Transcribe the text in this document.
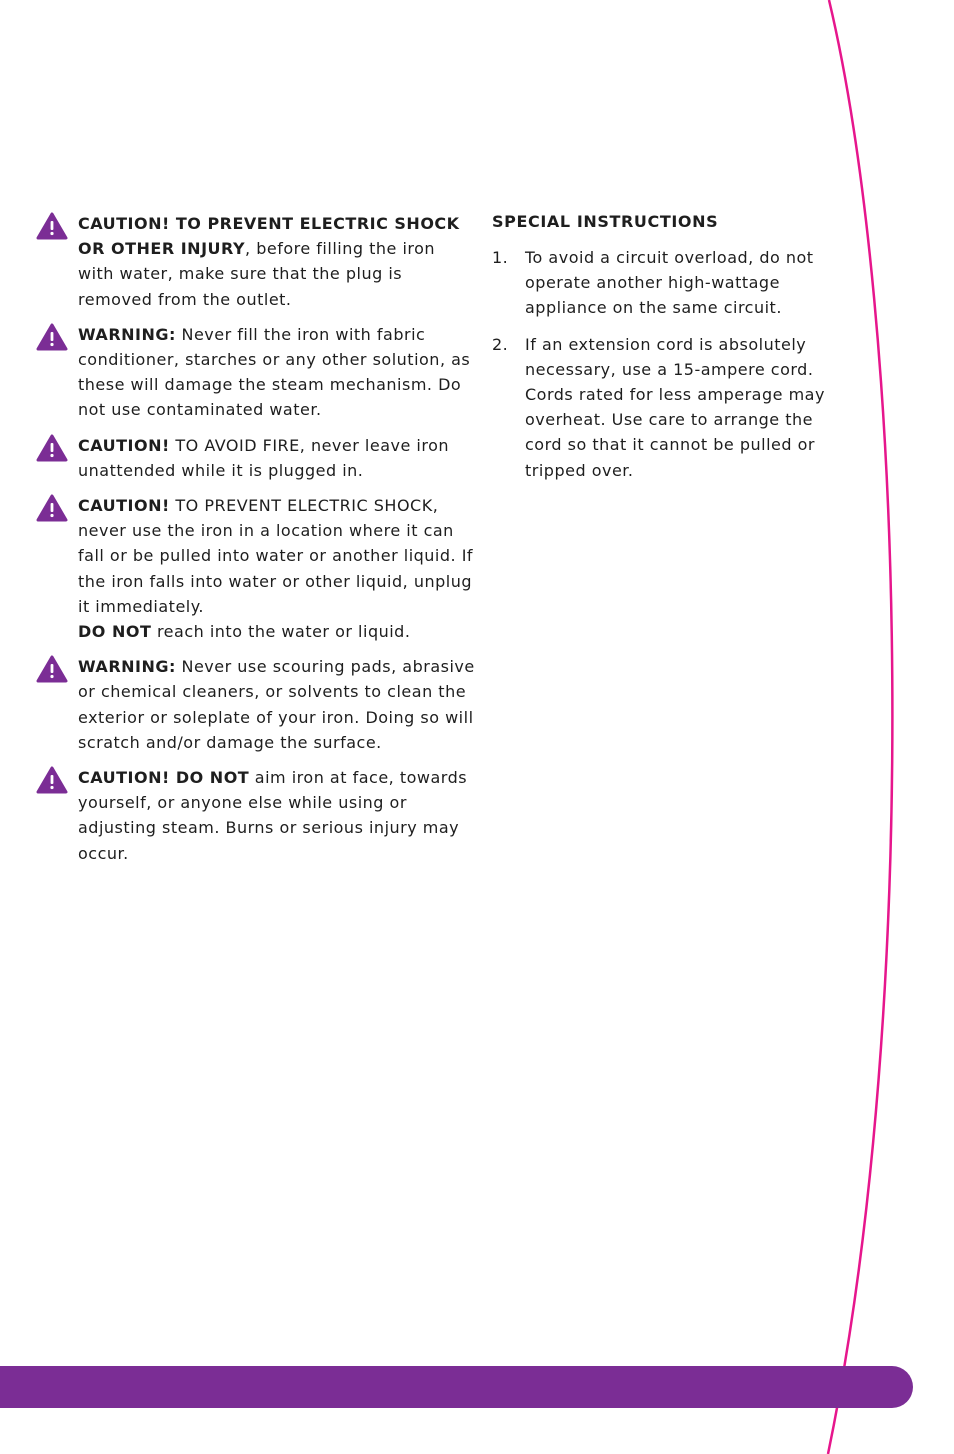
CAUTION! TO PREVENT ELECTRIC SHOCK OR OTHER INJURY, before filling the iron with water, make sure that the plug is removed from the outlet.

WARNING: Never fill the iron with fabric conditioner, starches or any other solution, as these will damage the steam mechanism. Do not use contaminated water.

CAUTION! TO AVOID FIRE, never leave iron unattended while it is plugged in.

CAUTION! TO PREVENT ELECTRIC SHOCK, never use the iron in a location where it can fall or be pulled into water or another liquid. If the iron falls into water or other liquid, unplug it immediately.
DO NOT reach into the water or liquid.

WARNING: Never use scouring pads, abrasive or chemical cleaners, or solvents to clean the exterior or soleplate of your iron. Doing so will scratch and/or damage the surface.

CAUTION! DO NOT aim iron at face, towards yourself, or anyone else while using or adjusting steam. Burns or serious injury may occur.

SPECIAL INSTRUCTIONS
1. To avoid a circuit overload, do not operate another high-wattage appliance on the same circuit.

2. If an extension cord is absolutely necessary, use a 15-ampere cord. Cords rated for less amperage may overheat. Use care to arrange the cord so that it cannot be pulled or tripped over.
